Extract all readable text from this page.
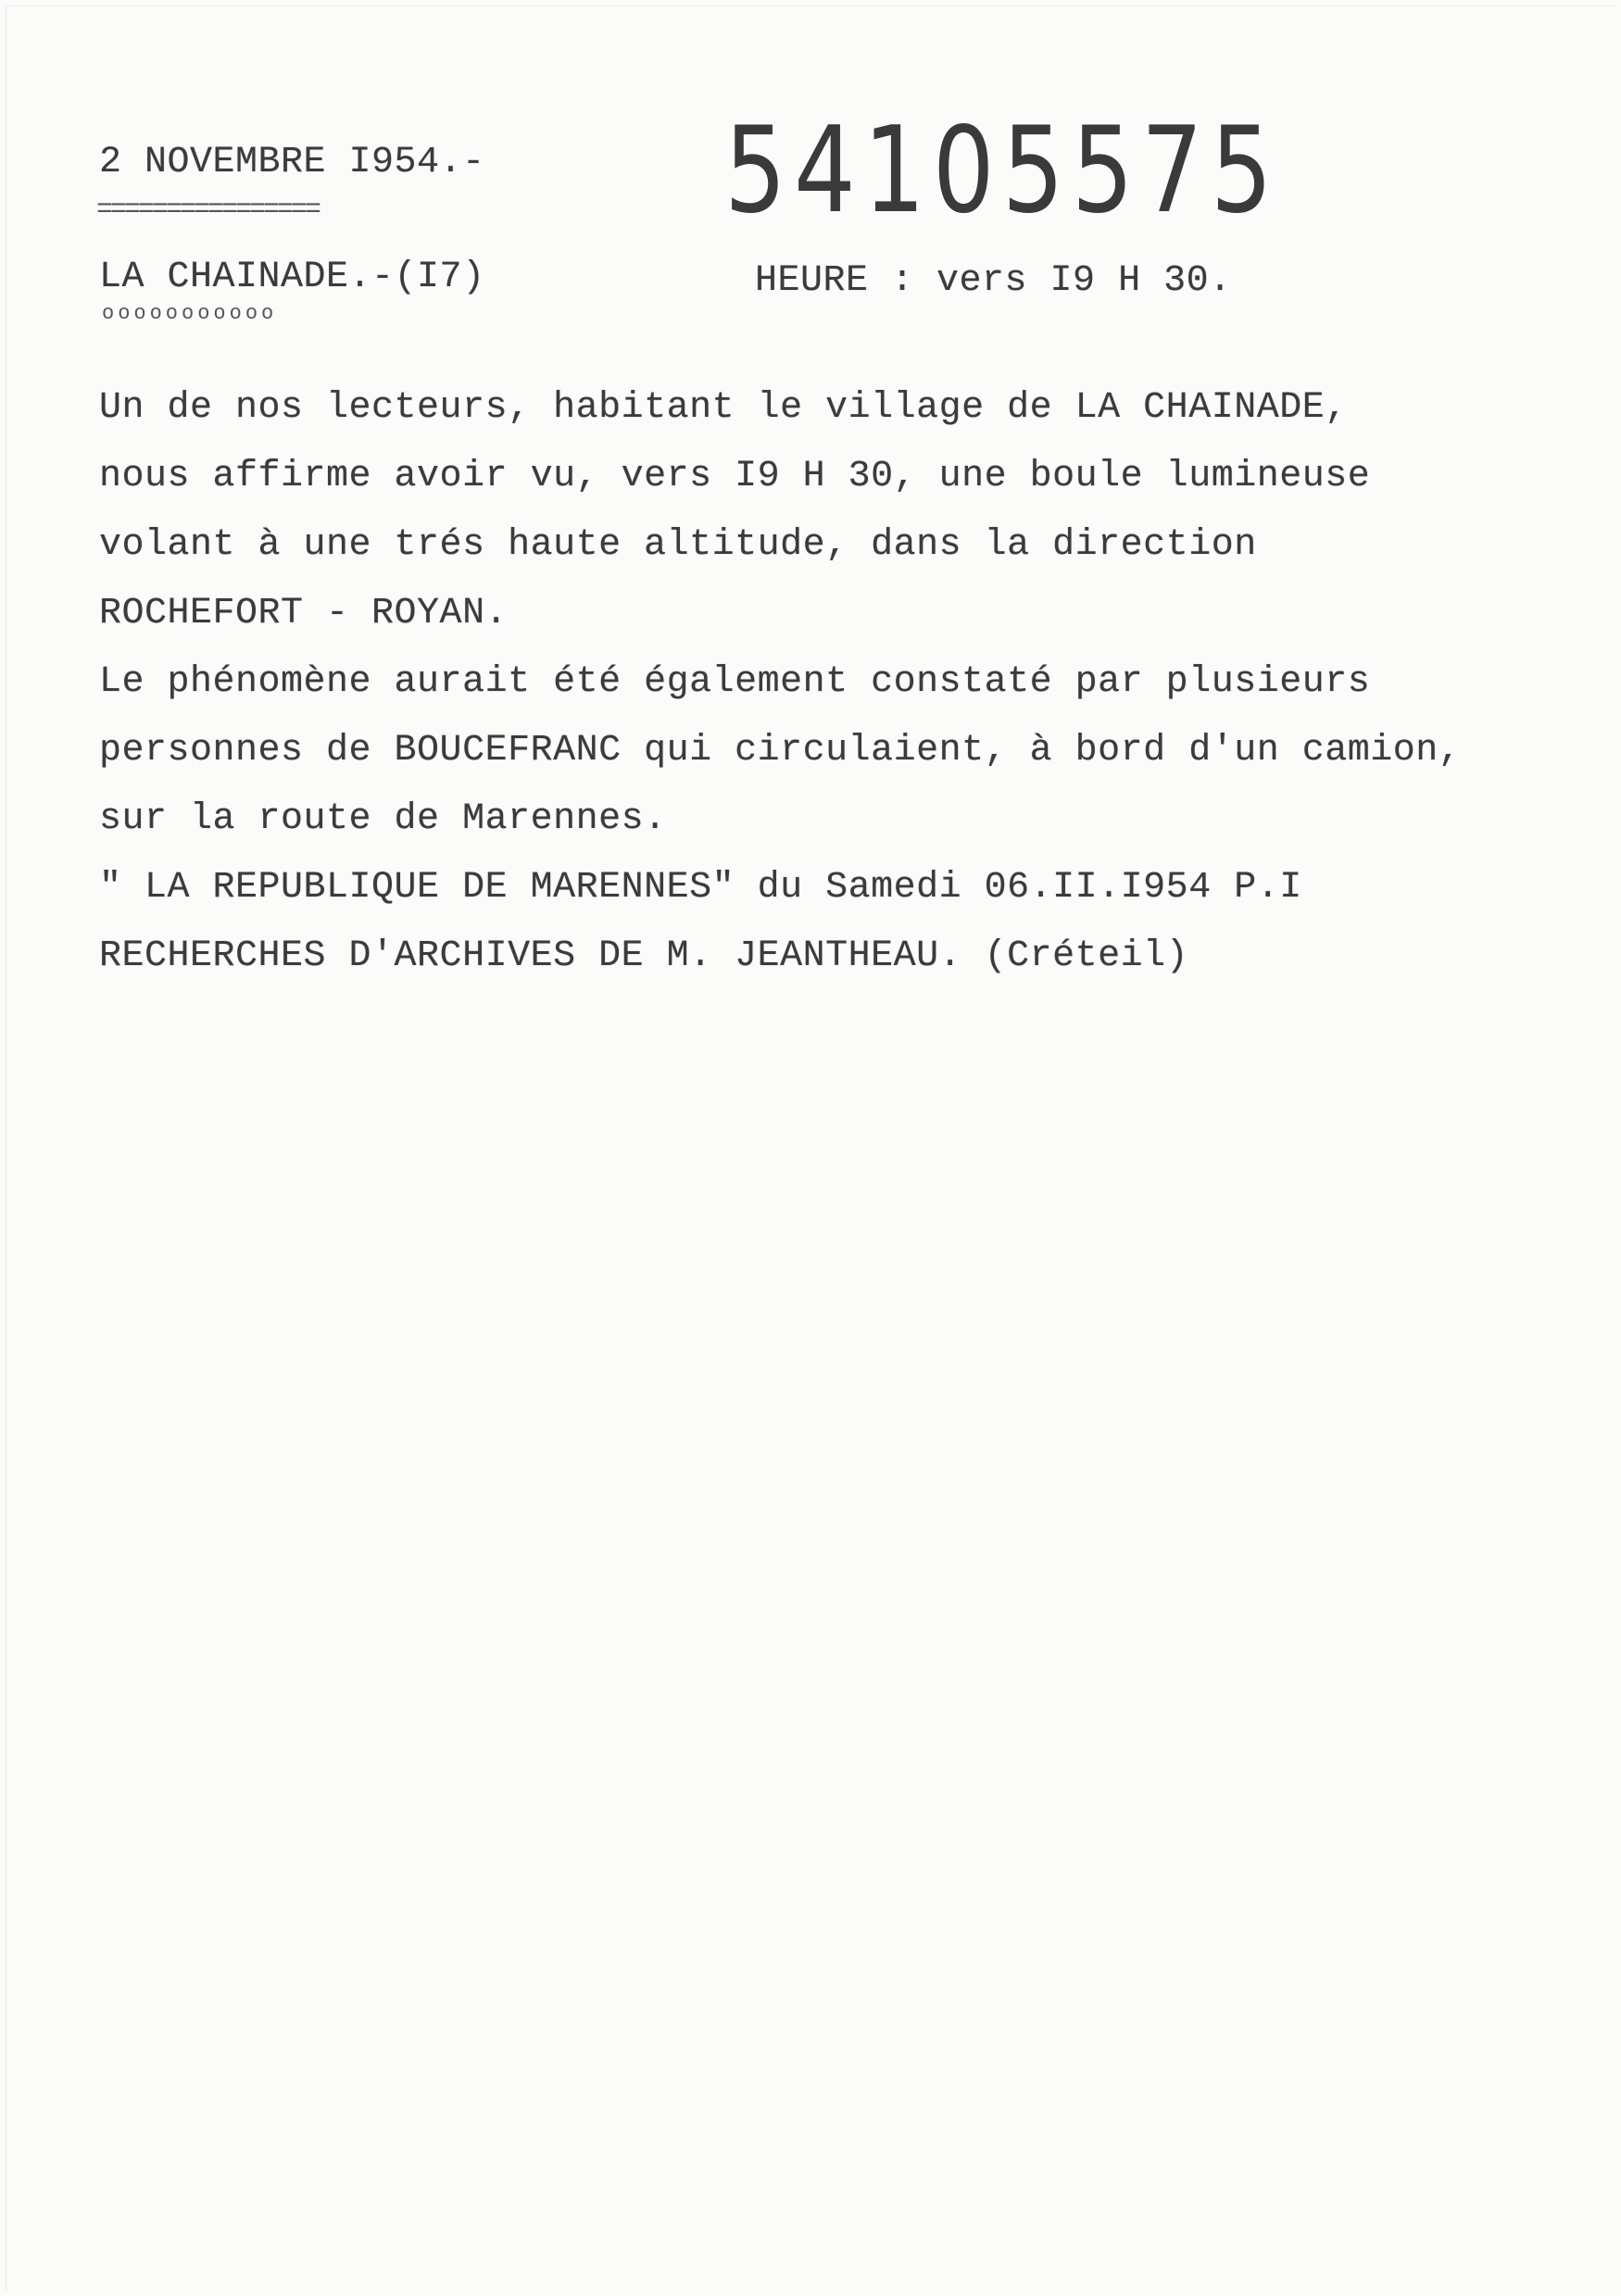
2 NOVEMBRE I954.-
================	54105575
LA CHAINADE.-(I7)
ooooooooooo
HEURE : vers I9 H 30.
Un de nos lecteurs, habitant le village de LA CHAINADE,
nous affirme avoir vu, vers I9 H 30, une boule lumineuse
volant à une trés haute altitude, dans la direction
ROCHEFORT - ROYAN.
Le phénomène aurait été également constaté par plusieurs
personnes de BOUCEFRANC qui circulaient, à bord d'un camion,
sur la route de Marennes.
" LA REPUBLIQUE DE MARENNES" du Samedi 06.II.I954 P.I
RECHERCHES D'ARCHIVES DE M. JEANTHEAU. (Créteil)
